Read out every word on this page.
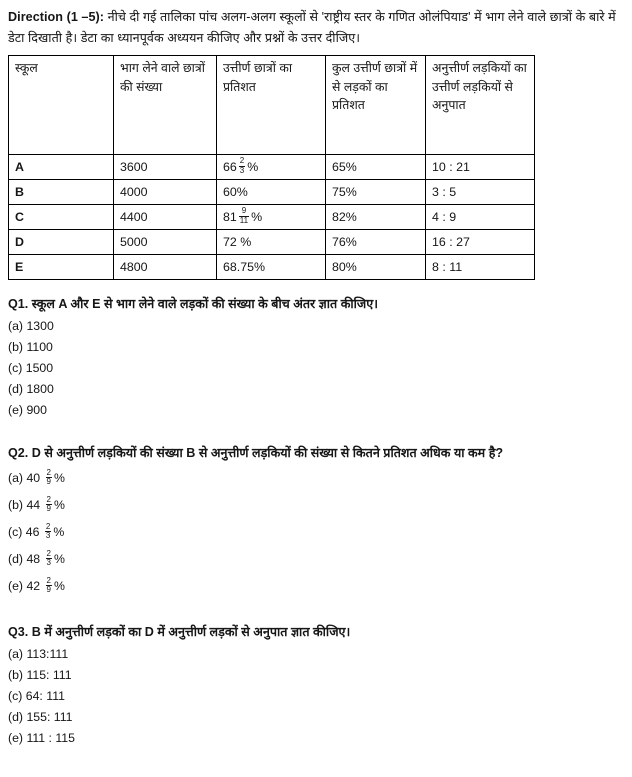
Direction (1 –5): नीचे दी गई तालिका पांच अलग-अलग स्कूलों से 'राष्ट्रीय स्तर के गणित ओलंपियाड' में भाग लेने वाले छात्रों के बारे में डेटा दिखाती है। डेटा का ध्यानपूर्वक अध्ययन कीजिए और प्रश्नों के उत्तर दीजिए।

स्कूल	भाग लेने वाले छात्रों की संख्या	उत्तीर्ण छात्रों का प्रतिशत	कुल उत्तीर्ण छात्रों में से लड़कों का प्रतिशत	अनुत्तीर्ण लड़कियों का उत्तीर्ण लड़कियों से अनुपात
A	3600	$66 \frac{2}{3}$ %	65%	10 : 21
B	4000	60%	75%	3 : 5
C	4400	$81 \frac{9}{11}$ %	82%	4 : 9
D	5000	72 %	76%	16 : 27
E	4800	68.75%	80%	8 : 11

Q1. स्कूल A और E से भाग लेने वाले लड़कों की संख्या के बीच अंतर ज्ञात कीजिए।

(a) 1300
(b) 1100
(c) 1500
(d) 1800
(e) 900

Q2. D से अनुत्तीर्ण लड़कियों की संख्या B से अनुत्तीर्ण लड़कियों की संख्या से कितने प्रतिशत अधिक या कम है?

(a) $40 \frac{2}{9}$ %
(b) $44 \frac{2}{9}$ %
(c) $46 \frac{2}{3}$ %
(d) $48 \frac{2}{3}$ %
(e) $42 \frac{2}{9}$ %

Q3. B में अनुत्तीर्ण लड़कों का D में अनुत्तीर्ण लड़कों से अनुपात ज्ञात कीजिए।

(a) 113:111
(b) 115: 111
(c) 64: 111
(d) 155: 111
(e) 111 : 115
